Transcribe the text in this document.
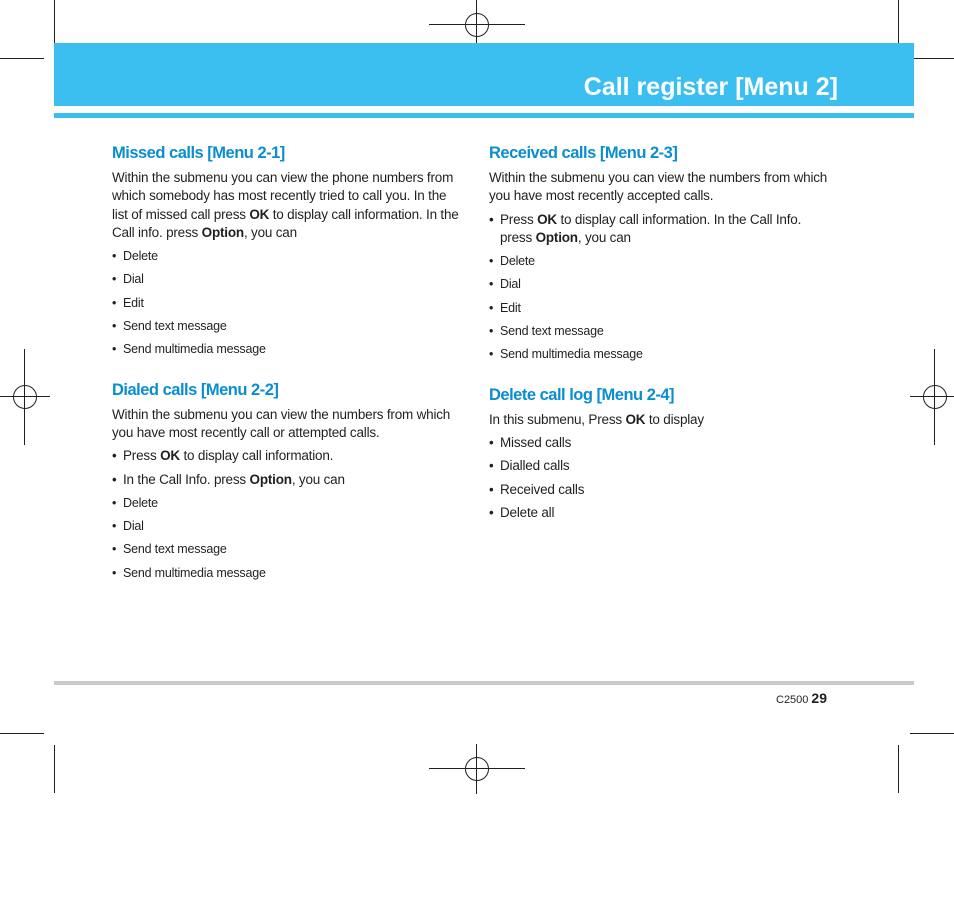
Call register [Menu 2]
Missed calls [Menu 2-1]

Within the submenu you can view the phone numbers from which somebody has most recently tried to call you. In the list of missed call press OK to display call information. In the Call info. press Option, you can

• Delete
• Dial
• Edit
• Send text message
• Send multimedia message
Dialed calls [Menu 2-2]

Within the submenu you can view the numbers from which you have most recently call or attempted calls.

• Press OK to display call information.
• In the Call Info. press Option, you can
• Delete
• Dial
• Send text message
• Send multimedia message
Received calls [Menu 2-3]

Within the submenu you can view the numbers from which you have most recently accepted calls.

• Press OK to display call information. In the Call Info. press Option, you can
• Delete
• Dial
• Edit
• Send text message
• Send multimedia message
Delete call log [Menu 2-4]

In this submenu, Press OK to display

• Missed calls
• Dialled calls
• Received calls
• Delete all
C2500 29
